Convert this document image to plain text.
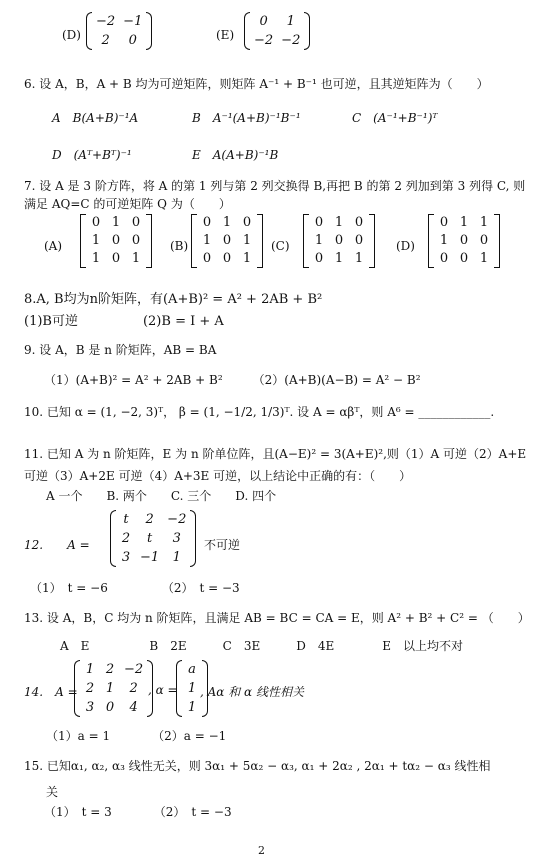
(D)
−2	−1
2	0	(E)
0	1
−2	−2
6. 设 A，B，A + B 均为可逆矩阵，则矩阵 A⁻¹ + B⁻¹ 也可逆，且其逆矩阵为（　　）
A　B(A+B)⁻¹A	B　A⁻¹(A+B)⁻¹B⁻¹	C　(A⁻¹+B⁻¹)ᵀ
D　(Aᵀ+Bᵀ)⁻¹	E　A(A+B)⁻¹B
7. 设 A 是 3 阶方阵，将 A 的第 1 列与第 2 列交换得 B,再把 B 的第 2 列加到第 3 列得 C, 则
满足 AQ=C 的可逆矩阵 Q 为（　　）
(A)
0	1	0
1	0	0
1	0	1
(B)
0	1	0
1	0	1
0	0	1
(C)
0	1	0
1	0	0
0	1	1
(D)
0	1	1
1	0	0
0	0	1
8.A, B均为n阶矩阵，有(A+B)² = A² + 2AB + B²
(1)B可逆　　　　　(2)B = I + A
9. 设 A，B 是 n 阶矩阵，AB = BA
（1）(A+B)² = A² + 2AB + B²　　　（2）(A+B)(A−B) = A² − B²
10. 已知 α = (1, −2, 3)ᵀ， β = (1, −1/2, 1/3)ᵀ. 设 A = αβᵀ，则 A⁶ = ____________.
11. 已知 A 为 n 阶矩阵，E 为 n 阶单位阵，且(A−E)² = 3(A+E)²,则（1）A 可逆（2）A+E
可逆（3）A+2E 可逆（4）A+3E 可逆，以上结论中正确的有：（　　）
A 一个　　B. 两个　　C. 三个　　D. 四个
12.　　A =
t	2	−2
2	t	3
3	−1	1
不可逆
（1）　t = −6　　　　　（2）　t = −3
13. 设 A，B，C 均为 n 阶矩阵，且满足 AB = BC = CA = E，则 A² + B² + C² = （　　）
A　E　　　　　B　2E　　　C　3E　　　D　4E　　　　E　以上均不对
14.　A =
1	2	−2
2	1	2
3	0	4
, α =
a
1
1
, Aα 和 α 线性相关
（1）a = 1　　　　（2）a = −1
15. 已知α₁, α₂, α₃ 线性无关，则 3α₁ + 5α₂ − α₃, α₁ + 2α₂ , 2α₁ + tα₂ − α₃ 线性相
关
（1）　t = 3　　　　（2）　t = −3
2
